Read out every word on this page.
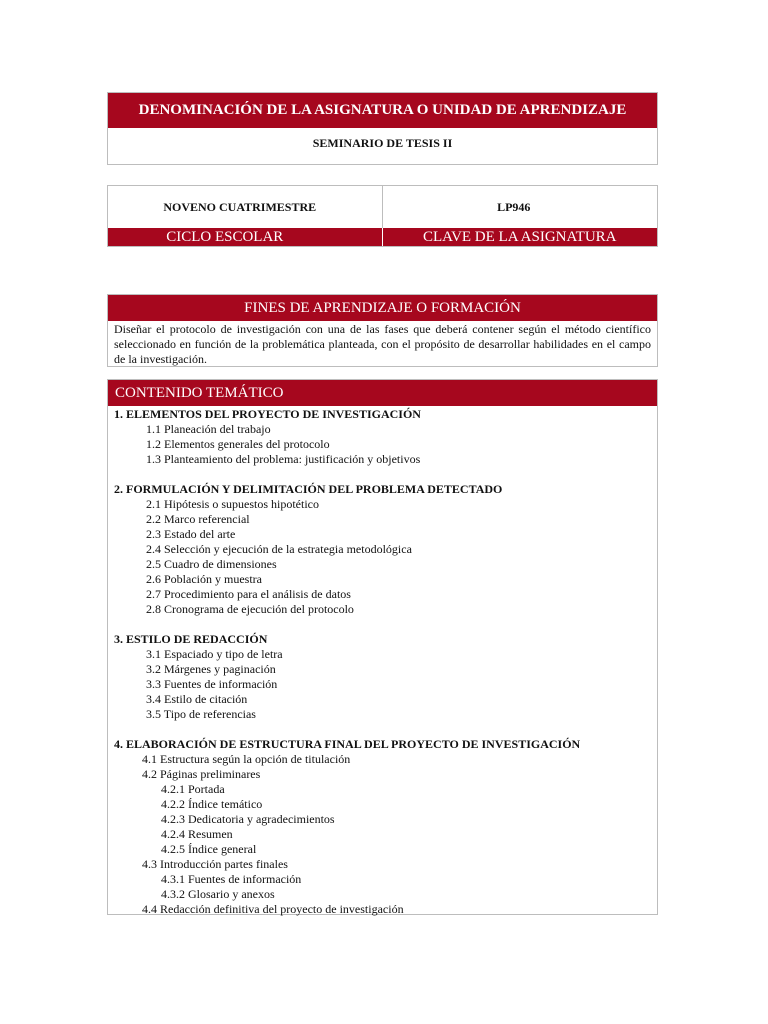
DENOMINACIÓN DE LA ASIGNATURA O UNIDAD DE APRENDIZAJE
SEMINARIO DE TESIS II
NOVENO CUATRIMESTRE	LP946
CICLO ESCOLAR	CLAVE DE LA ASIGNATURA
FINES DE APRENDIZAJE O FORMACIÓN
Diseñar el protocolo de investigación con una de las fases que deberá contener según el método científico seleccionado en función de la problemática planteada, con el propósito de desarrollar habilidades en el campo de la investigación.
CONTENIDO TEMÁTICO
1. ELEMENTOS DEL PROYECTO DE INVESTIGACIÓN
1.1 Planeación del trabajo
1.2 Elementos generales del protocolo
1.3 Planteamiento del problema: justificación y objetivos
2. FORMULACIÓN Y DELIMITACIÓN DEL PROBLEMA DETECTADO
2.1 Hipótesis o supuestos hipotético
2.2 Marco referencial
2.3 Estado del arte
2.4 Selección y ejecución de la estrategia metodológica
2.5 Cuadro de dimensiones
2.6 Población y muestra
2.7 Procedimiento para el análisis de datos
2.8 Cronograma de ejecución del protocolo
3. ESTILO DE REDACCIÓN
3.1 Espaciado y tipo de letra
3.2 Márgenes y paginación
3.3 Fuentes de información
3.4 Estilo de citación
3.5 Tipo de referencias
4. ELABORACIÓN DE ESTRUCTURA FINAL DEL PROYECTO DE INVESTIGACIÓN
4.1 Estructura según la opción de titulación
4.2 Páginas preliminares
4.2.1 Portada
4.2.2 Índice temático
4.2.3 Dedicatoria y agradecimientos
4.2.4 Resumen
4.2.5 Índice general
4.3 Introducción partes finales
4.3.1 Fuentes de información
4.3.2 Glosario y anexos
4.4 Redacción definitiva del proyecto de investigación
